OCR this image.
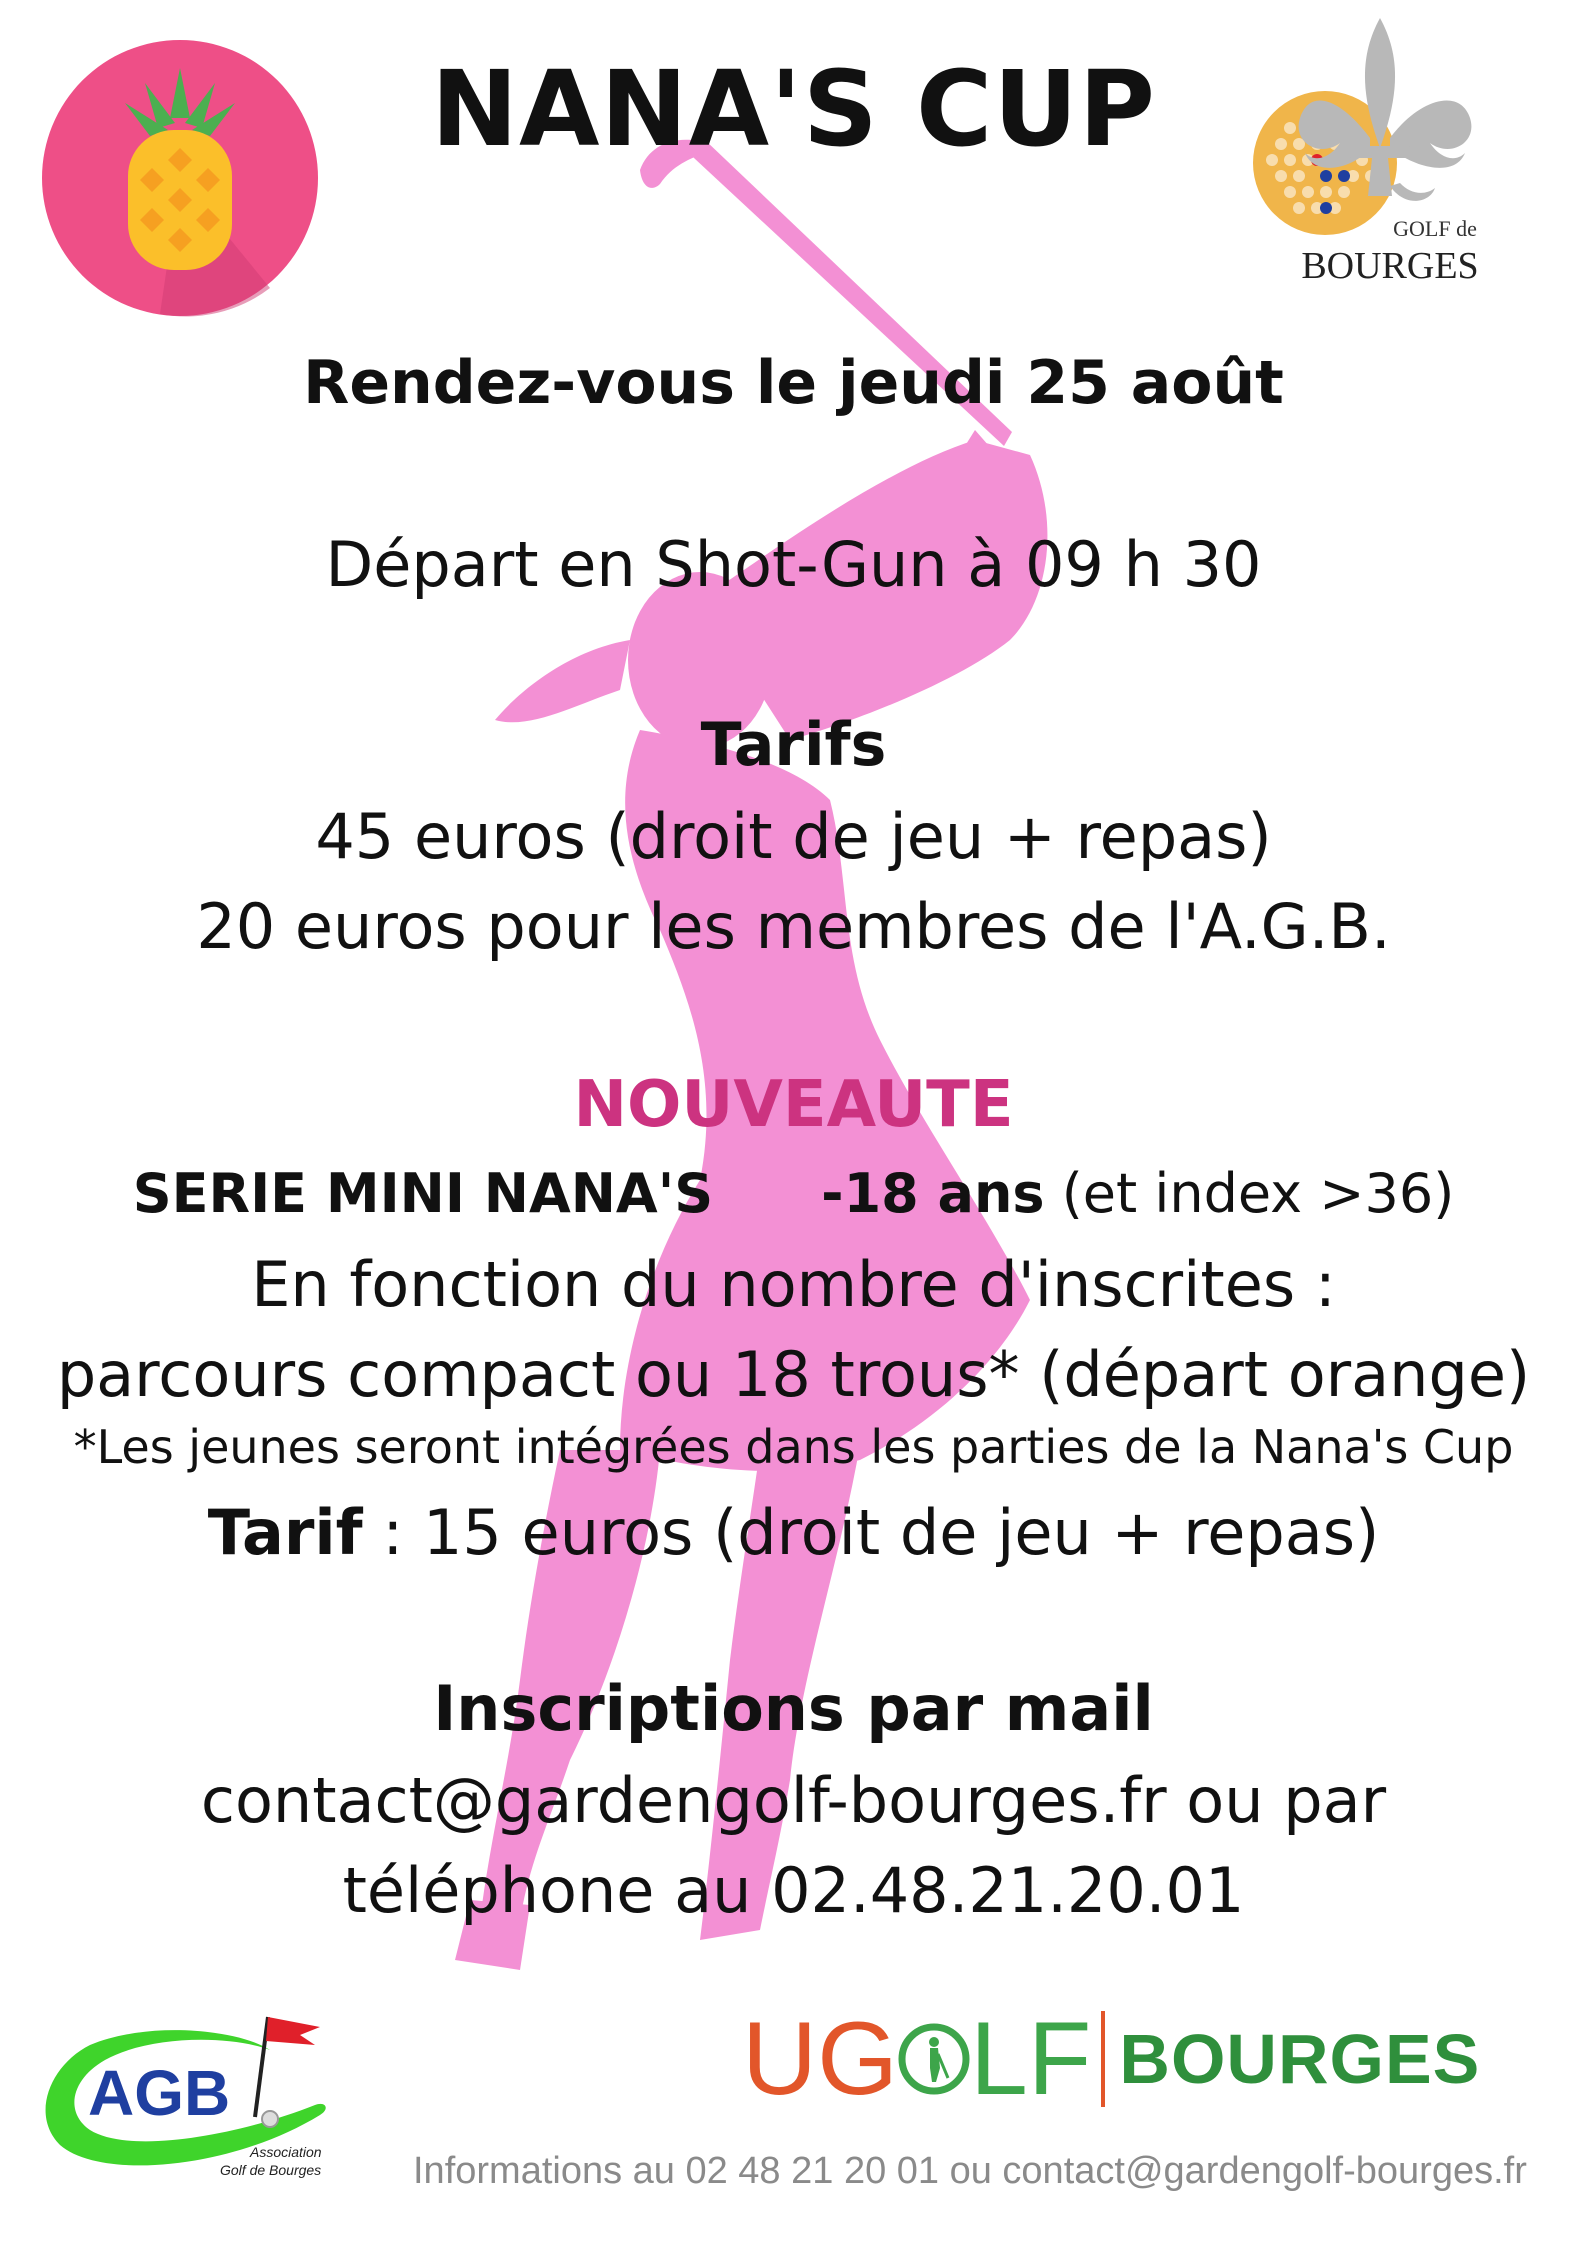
NANA'S CUP
GOLF de
BOURGES
Rendez-vous le jeudi 25 août
Départ en Shot-Gun à 09 h 30
Tarifs
45 euros (droit de jeu + repas)
20 euros pour les membres de l'A.G.B.
NOUVEAUTE
SERIE MINI NANA'S -18 ans (et index >36)
En fonction du nombre d'inscrites :
parcours compact ou 18 trous* (départ orange)
*Les jeunes seront intégrées dans les parties de la Nana's Cup
Tarif : 15 euros (droit de jeu + repas)
Inscriptions par mail
contact@gardengolf-bourges.fr ou par
téléphone au 02.48.21.20.01
AGB
Association
Golf de Bourges
UG LF BOURGES
Informations au 02 48 21 20 01 ou contact@gardengolf-bourges.fr
